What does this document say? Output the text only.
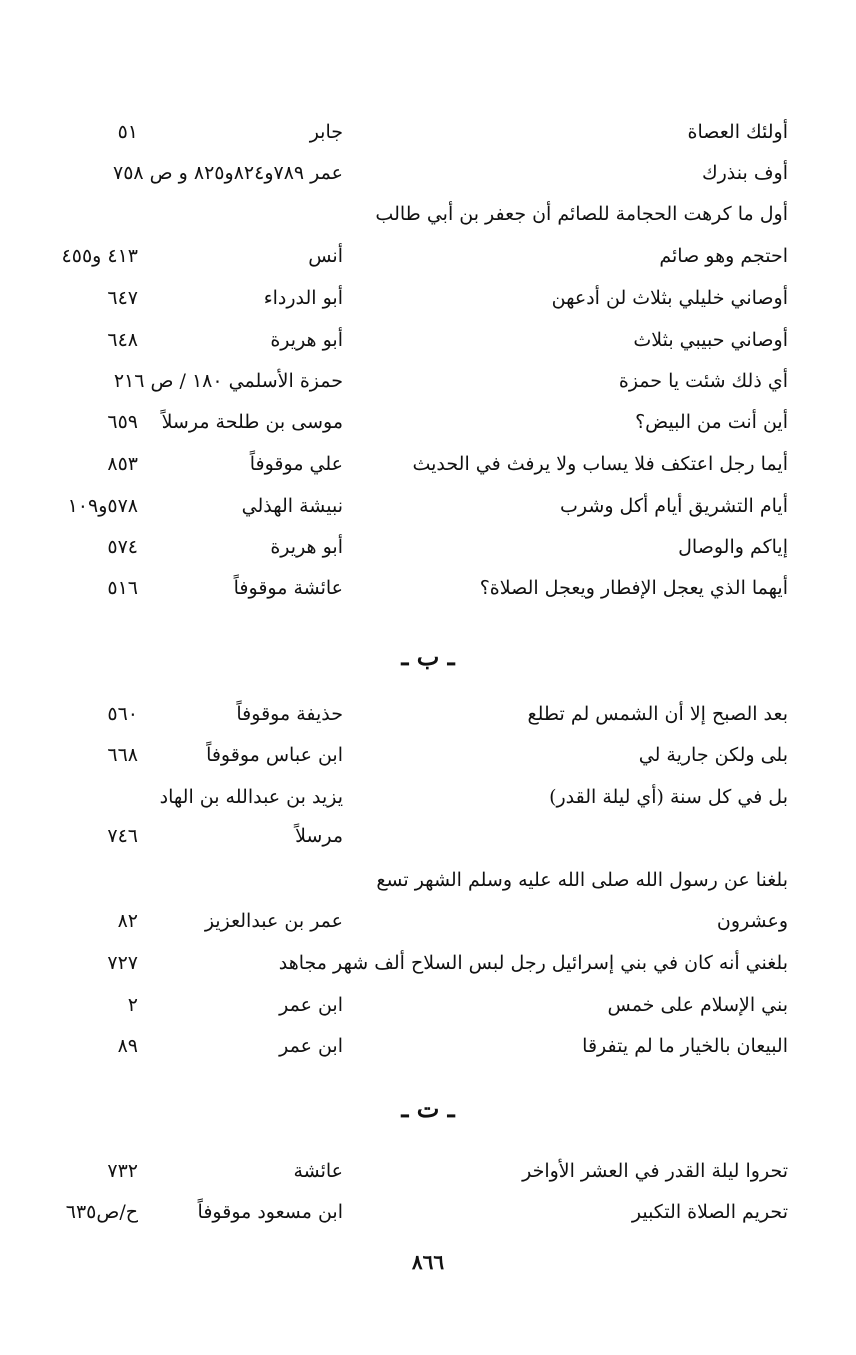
أولئك العصاة
جابر
٥١
أوف بنذرك
عمر ٧٨٩و٨٢٤و٨٢٥ و ص ٧٥٨
أول ما كرهت الحجامة للصائم أن جعفر بن أبي طالب
احتجم وهو صائم
أنس
٤١٣ و٤٥٥
أوصاني خليلي بثلاث لن أدعهن
أبو الدرداء
٦٤٧
أوصاني حبيبي بثلاث
أبو هريرة
٦٤٨
أي ذلك شئت يا حمزة
حمزة الأسلمي ١٨٠ / ص ٢١٦
أين أنت من البيض؟
موسى بن طلحة مرسلاً
٦٥٩
أيما رجل اعتكف فلا يساب ولا يرفث في الحديث
علي موقوفاً
٨٥٣
أيام التشريق أيام أكل وشرب
نبيشة الهذلي
٥٧٨و١٠٩
إياكم والوصال
أبو هريرة
٥٧٤
أيهما الذي يعجل الإفطار ويعجل الصلاة؟
عائشة موقوفاً
٥١٦
ـ ب ـ
بعد الصبح إلا أن الشمس لم تطلع
حذيفة موقوفاً
٥٦٠
بلى ولكن جارية لي
ابن عباس موقوفاً
٦٦٨
بل في كل سنة (أي ليلة القدر)
يزيد بن عبدالله بن الهاد
مرسلاً
٧٤٦
بلغنا عن رسول الله صلى الله عليه وسلم الشهر تسع
وعشرون
عمر بن عبدالعزيز
٨٢
بلغني أنه كان في بني إسرائيل رجل لبس السلاح ألف شهر مجاهد
٧٢٧
بني الإسلام على خمس
ابن عمر
٢
البيعان بالخيار ما لم يتفرقا
ابن عمر
٨٩
ـ ت ـ
تحروا ليلة القدر في العشر الأواخر
عائشة
٧٣٢
تحريم الصلاة التكبير
ابن مسعود موقوفاً
ح/ص٦٣٥
٨٦٦
